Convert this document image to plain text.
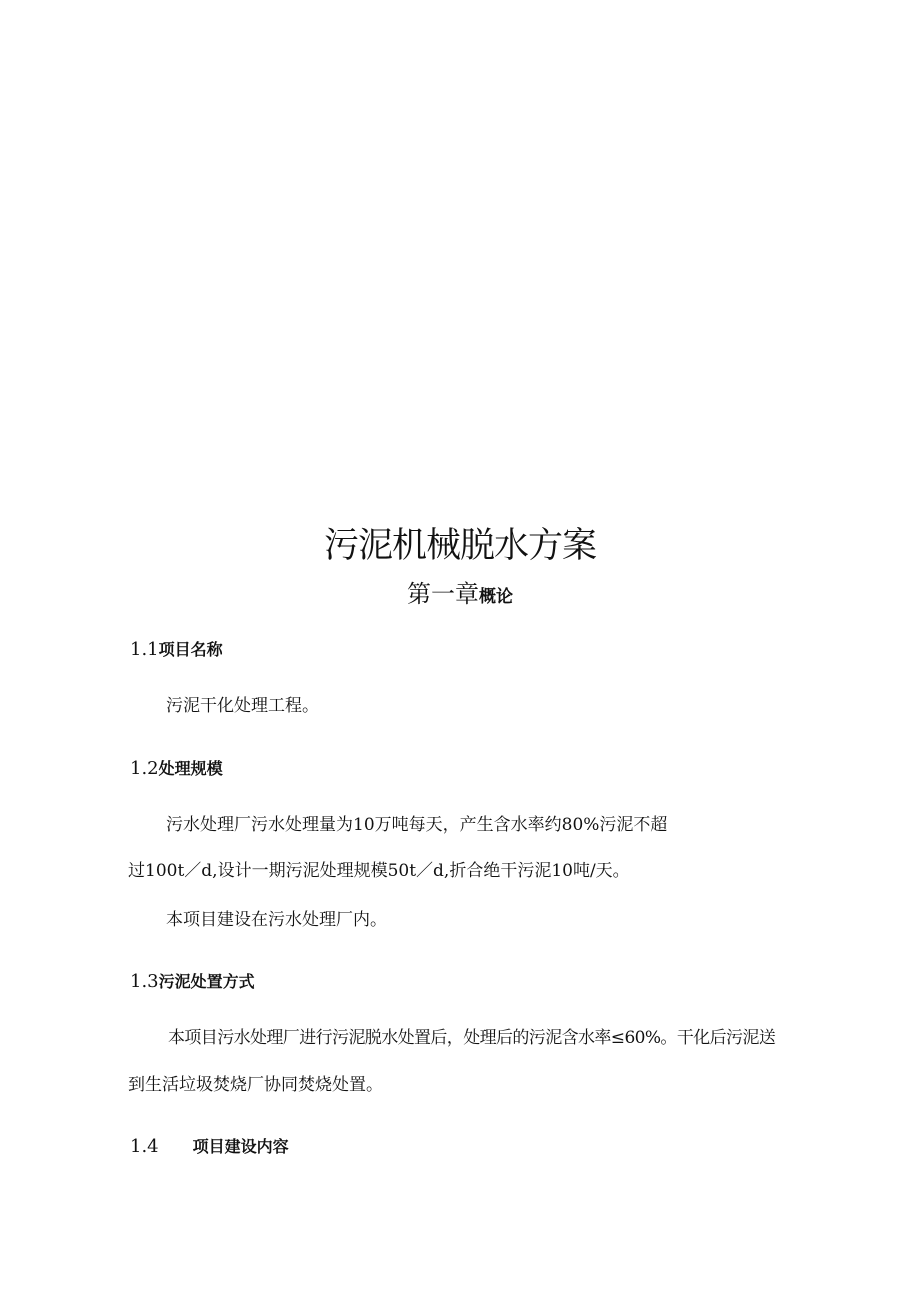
污泥机械脱水方案
第一章概论
1.1项目名称
污泥干化处理工程。
1.2处理规模
污水处理厂污水处理量为10万吨每天，产生含水率约80%污泥不超
过100t／d,设计一期污泥处理规模50t／d,折合绝干污泥10吨/天。
本项目建设在污水处理厂内。
1.3污泥处置方式
本项目污水处理厂进行污泥脱水处置后，处理后的污泥含水率≤60%。干化后污泥送
到生活垃圾焚烧厂协同焚烧处置。
1.4 项目建设内容
